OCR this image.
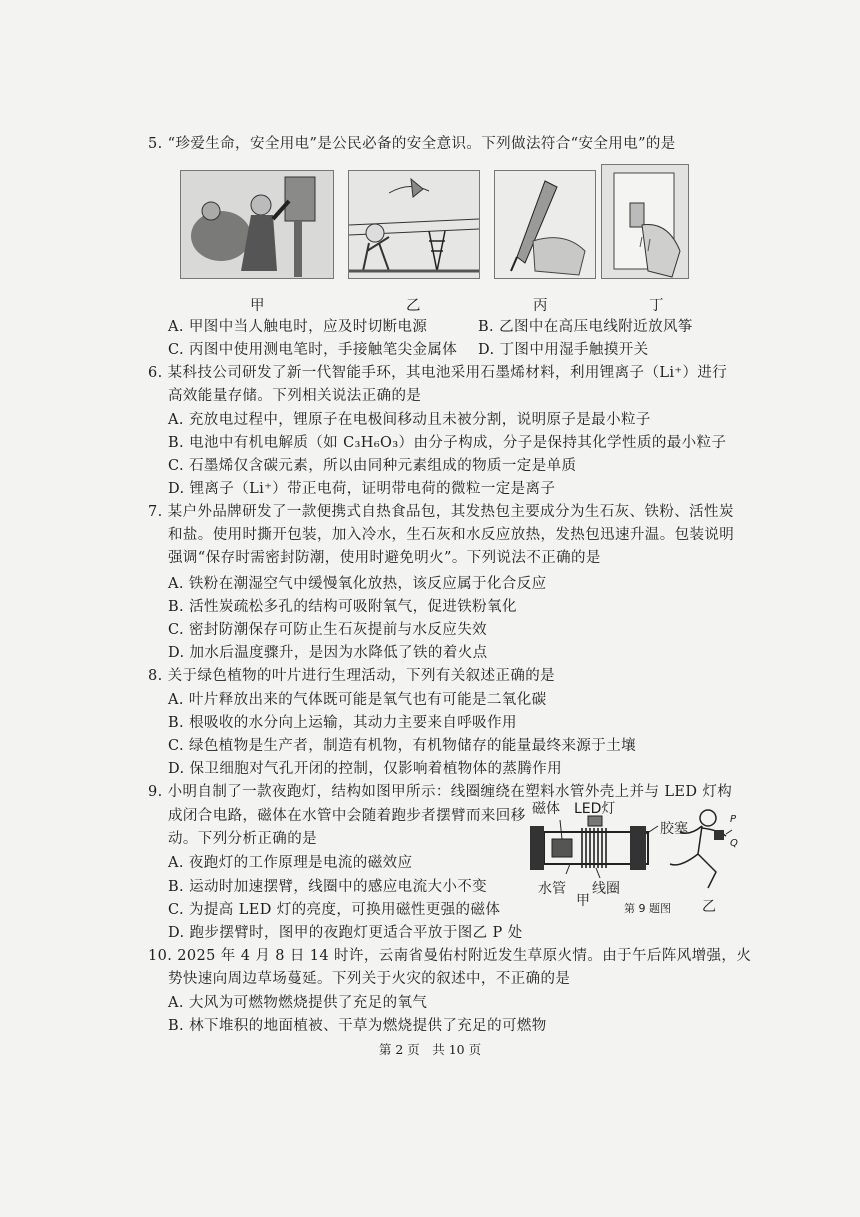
5. “珍爱生命，安全用电”是公民必备的安全意识。下列做法符合“安全用电”的是
甲	乙	丙	丁
A. 甲图中当人触电时，应及时切断电源	B. 乙图中在高压电线附近放风筝
C. 丙图中使用测电笔时，手接触笔尖金属体 D. 丁图中用湿手触摸开关
6. 某科技公司研发了新一代智能手环，其电池采用石墨烯材料，利用锂离子（Li⁺）进行
高效能量存储。下列相关说法正确的是
A. 充放电过程中，锂原子在电极间移动且未被分割，说明原子是最小粒子
B. 电池中有机电解质（如 C₃H₆O₃）由分子构成，分子是保持其化学性质的最小粒子
C. 石墨烯仅含碳元素，所以由同种元素组成的物质一定是单质
D. 锂离子（Li⁺）带正电荷，证明带电荷的微粒一定是离子
7. 某户外品牌研发了一款便携式自热食品包，其发热包主要成分为生石灰、铁粉、活性炭
和盐。使用时撕开包装，加入冷水，生石灰和水反应放热，发热包迅速升温。包装说明
强调“保存时需密封防潮，使用时避免明火”。下列说法不正确的是
A. 铁粉在潮湿空气中缓慢氧化放热，该反应属于化合反应
B. 活性炭疏松多孔的结构可吸附氧气，促进铁粉氧化
C. 密封防潮保存可防止生石灰提前与水反应失效
D. 加水后温度骤升，是因为水降低了铁的着火点
8. 关于绿色植物的叶片进行生理活动，下列有关叙述正确的是
A. 叶片释放出来的气体既可能是氧气也有可能是二氧化碳
B. 根吸收的水分向上运输，其动力主要来自呼吸作用
C. 绿色植物是生产者，制造有机物，有机物储存的能量最终来源于土壤
D. 保卫细胞对气孔开闭的控制，仅影响着植物体的蒸腾作用
9. 小明自制了一款夜跑灯，结构如图甲所示：线圈缠绕在塑料水管外壳上并与 LED 灯构
成闭合电路，磁体在水管中会随着跑步者摆臂而来回移
动。下列分析正确的是
A. 夜跑灯的工作原理是电流的磁效应
B. 运动时加速摆臂，线圈中的感应电流大小不变
C. 为提高 LED 灯的亮度，可换用磁性更强的磁体
D. 跑步摆臂时，图甲的夜跑灯更适合平放于图乙 P 处
磁体 LED灯
胶塞
水管 线圈
甲	乙
P
Q
第 9 题图
10. 2025 年 4 月 8 日 14 时许，云南省曼佑村附近发生草原火情。由于午后阵风增强，火
势快速向周边草场蔓延。下列关于火灾的叙述中，不正确的是
A. 大风为可燃物燃烧提供了充足的氧气
B. 林下堆积的地面植被、干草为燃烧提供了充足的可燃物
第 2 页　共 10 页
